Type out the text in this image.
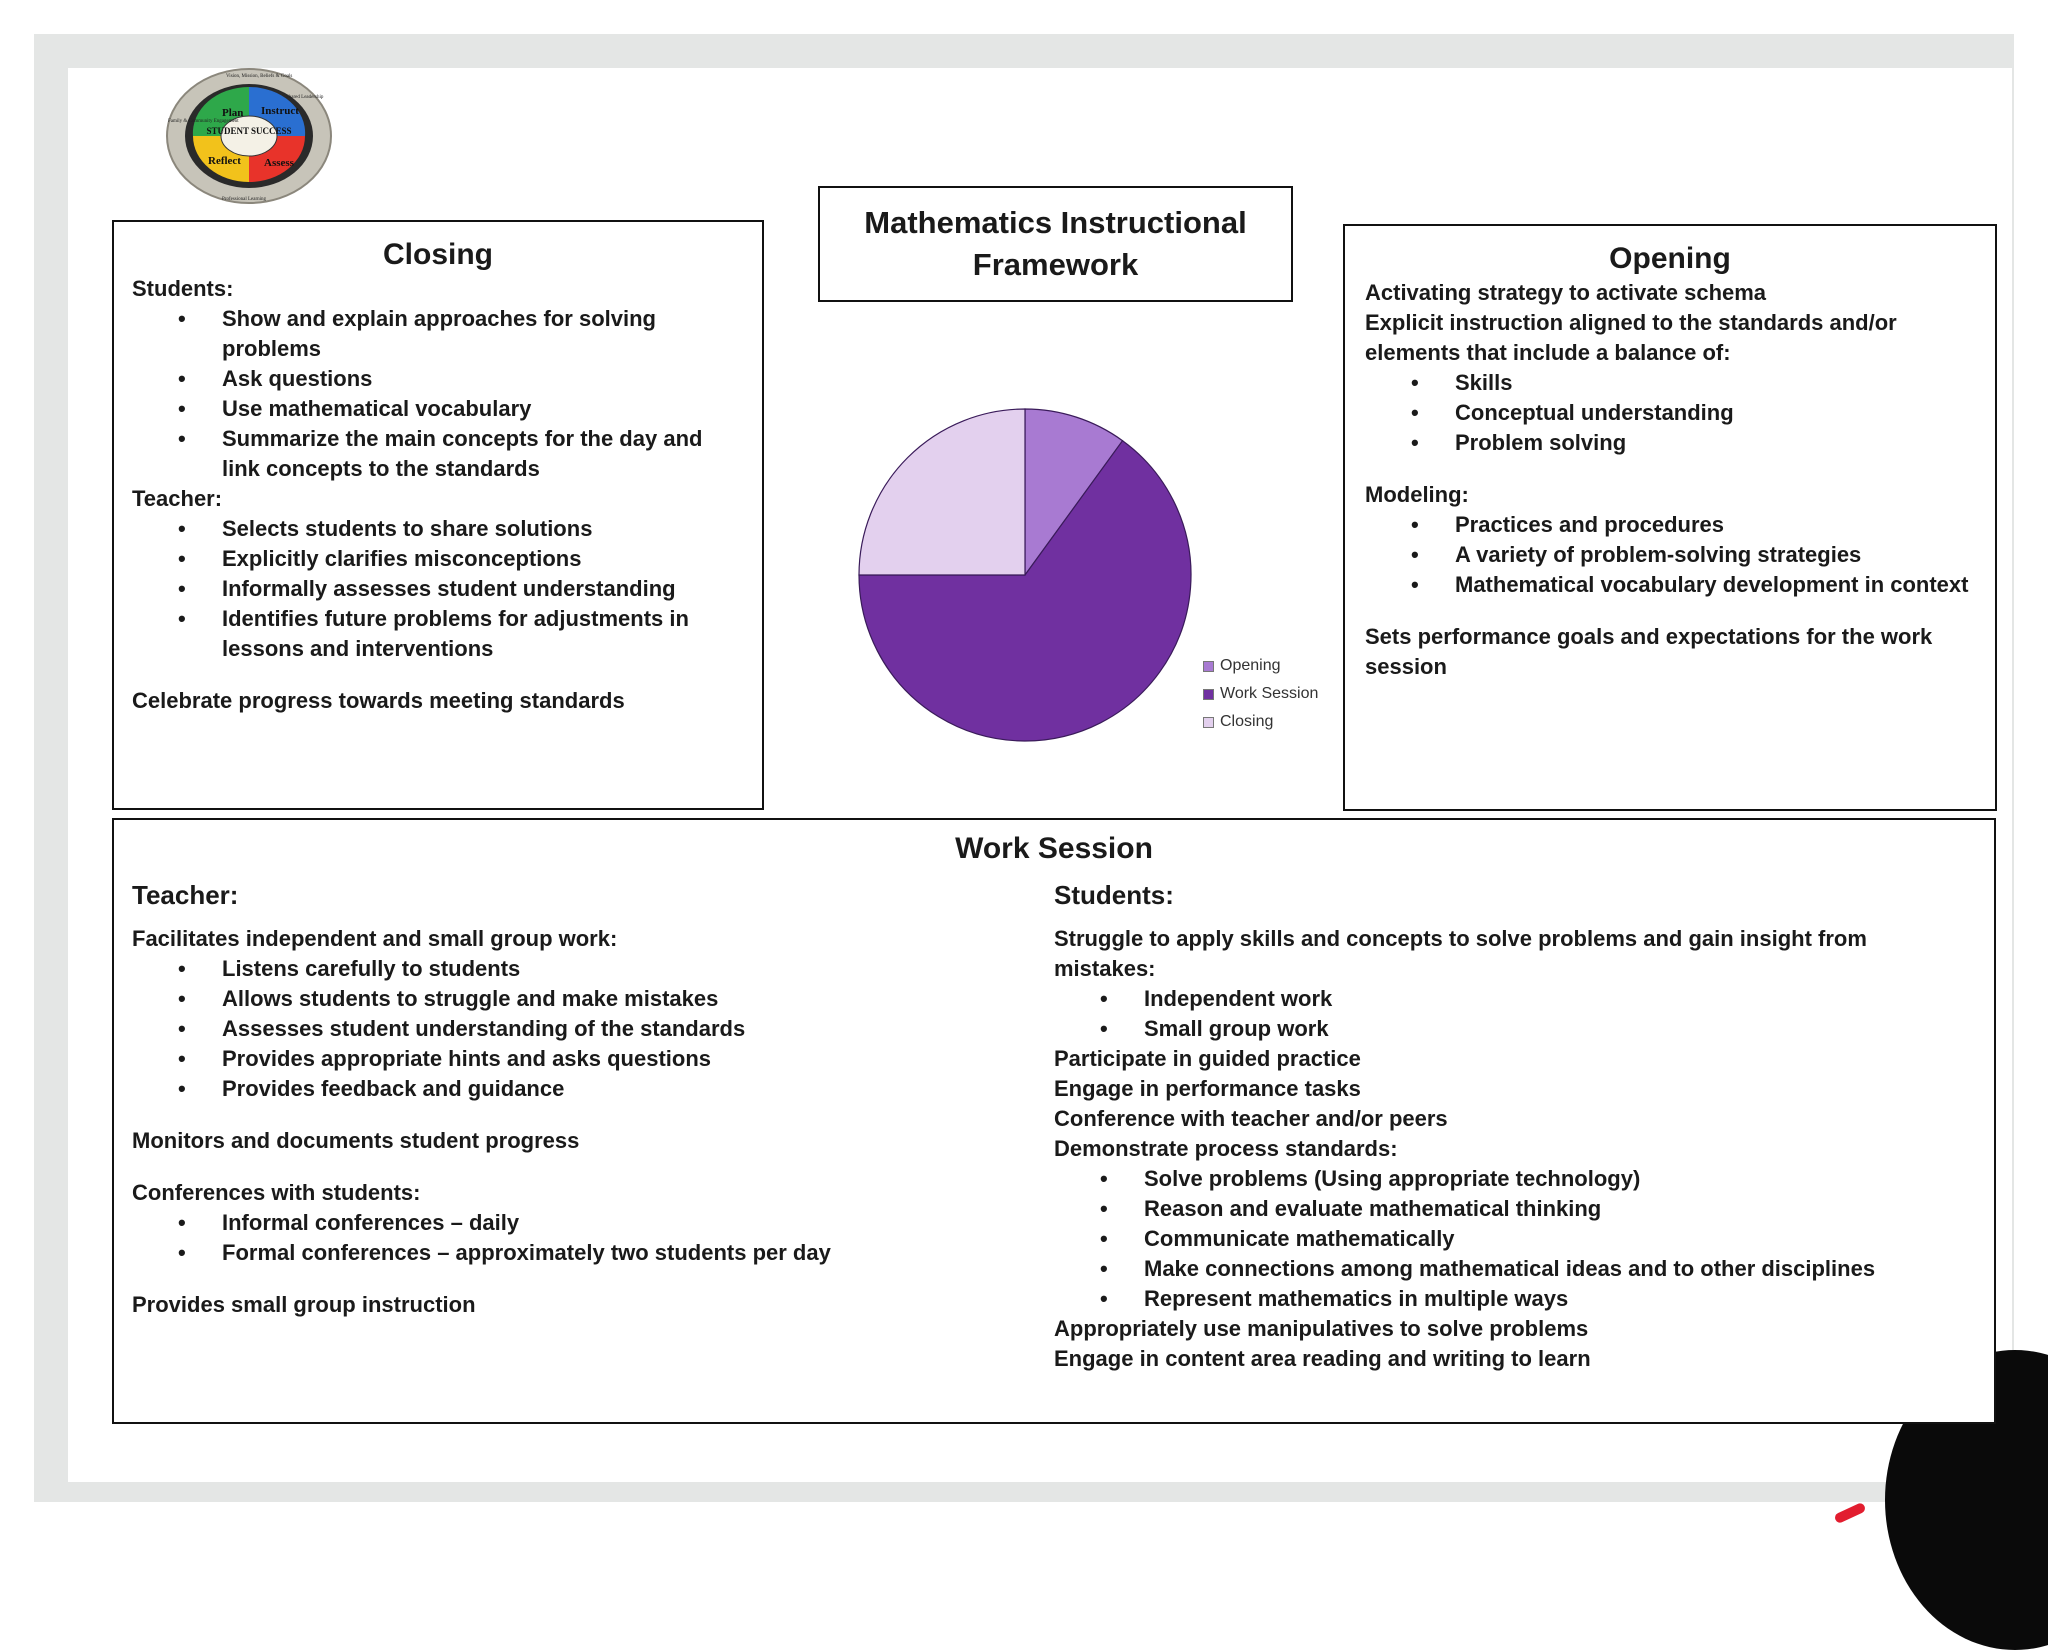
STUDENT SUCCESS
Plan Instruct
Assess
Reflect
Vision, Mission, Beliefs & Goals
Shared Leadership
Professional Learning
Family & Community Engagement

Closing

Students:

• Show and explain approaches for solving problems
• Ask questions
• Use mathematical vocabulary
• Summarize the main concepts for the day and link concepts to the standards

Teacher:

• Selects students to share solutions
• Explicitly clarifies misconceptions
• Informally assesses student understanding
• Identifies future problems for adjustments in lessons and interventions

Celebrate progress towards meeting standards

Mathematics Instructional Framework
Opening
Work Session
Closing

Opening

Activating strategy to activate schema

Explicit instruction aligned to the standards and/or elements that include a balance of:

• Skills
• Conceptual understanding
• Problem solving

Modeling:

• Practices and procedures
• A variety of problem-solving strategies
• Mathematical vocabulary development in context

Sets performance goals and expectations for the work session

Work Session

Teacher:

Facilitates independent and small group work:

• Listens carefully to students
• Allows students to struggle and make mistakes
• Assesses student understanding of the standards
• Provides appropriate hints and asks questions
• Provides feedback and guidance

Monitors and documents student progress

Conferences with students:

• Informal conferences – daily
• Formal conferences – approximately two students per day

Provides small group instruction

Students:

Struggle to apply skills and concepts to solve problems and gain insight from mistakes:

• Independent work
• Small group work

Participate in guided practice

Engage in performance tasks

Conference with teacher and/or peers

Demonstrate process standards:

• Solve problems (Using appropriate technology)
• Reason and evaluate mathematical thinking
• Communicate mathematically
• Make connections among mathematical ideas and to other disciplines
• Represent mathematics in multiple ways

Appropriately use manipulatives to solve problems

Engage in content area reading and writing to learn
